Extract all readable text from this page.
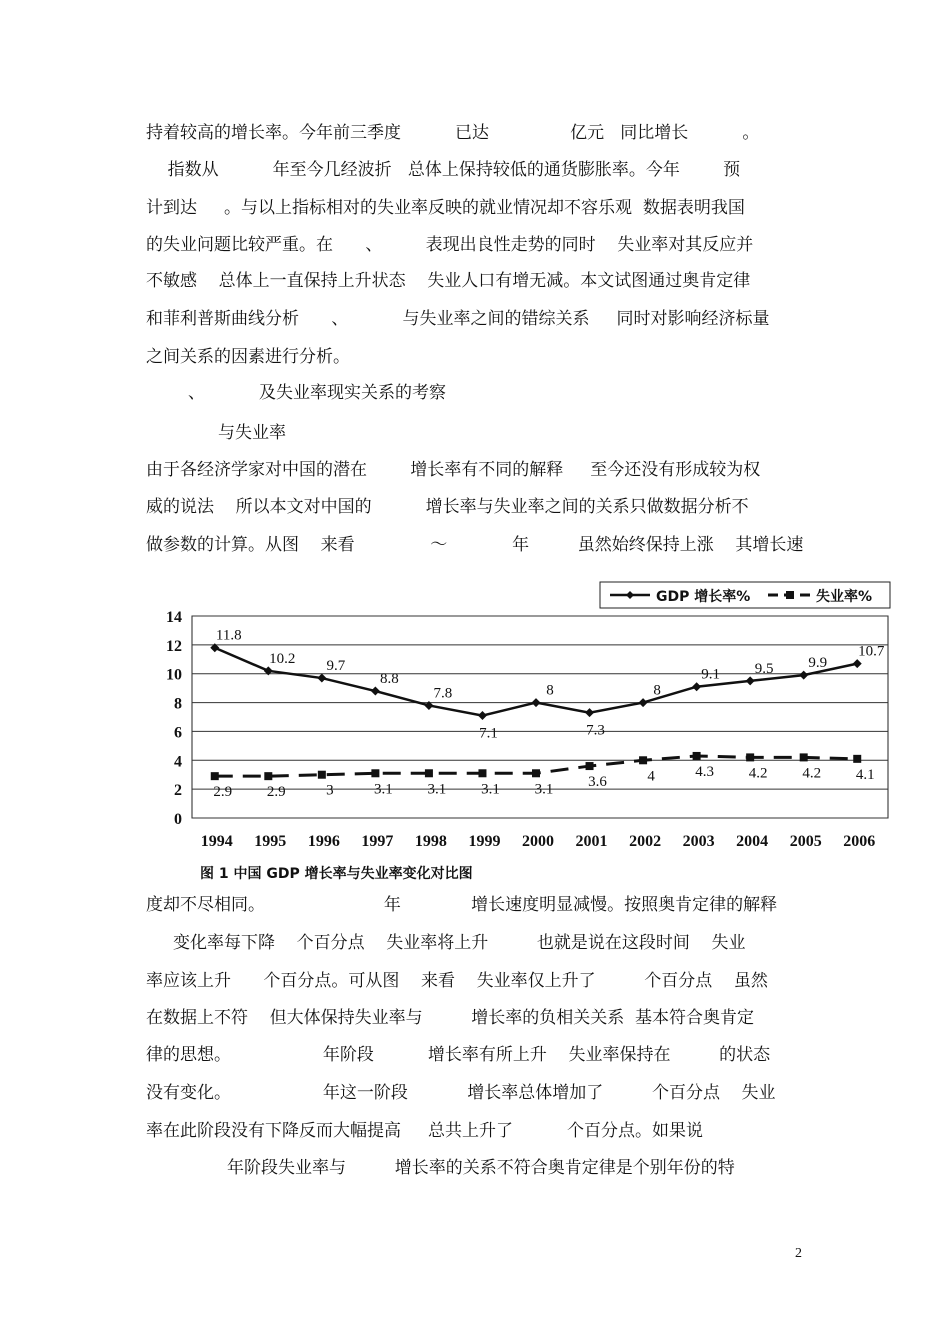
持着较高的增长率。今年前三季度          已达               亿元   同比增长          。
指数从          年至今几经波折   总体上保持较低的通货膨胀率。今年        预
计到达     。与以上指标相对的失业率反映的就业情况却不容乐观  数据表明我国
的失业问题比较严重。在      、        表现出良性走势的同时    失业率对其反应并
不敏感    总体上一直保持上升状态    失业人口有增无减。本文试图通过奥肯定律
和菲利普斯曲线分析      、          与失业率之间的错综关系     同时对影响经济标量
之间关系的因素进行分析。
、          及失业率现实关系的考察
与失业率
由于各经济学家对中国的潜在        增长率有不同的解释     至今还没有形成较为权
威的说法    所以本文对中国的          增长率与失业率之间的关系只做数据分析不
做参数的计算。从图    来看              ～            年         虽然始终保持上涨    其增长速
0
2
4
6
8
10
12
14
1994 1995 1996 1997 1998 1999 2000 2001 2002 2003 2004 2005 2006
11.8
10.2 9.7
8.8
7.8
7.1
8
7.3
8
9.1 9.5 9.9
10.7
2.9 2.9	3	3.1 3.1 3.1 3.1 3.6	4	4.3 4.2 4.2 4.1
GDP 增长率%	失业率%
图 1 中国 GDP 增长率与失业率变化对比图
度却不尽相同。                      年             增长速度明显减慢。按照奥肯定律的解释
变化率每下降    个百分点    失业率将上升         也就是说在这段时间    失业
率应该上升      个百分点。可从图    来看    失业率仅上升了         个百分点    虽然
在数据上不符    但大体保持失业率与         增长率的负相关关系  基本符合奥肯定
律的思想。                 年阶段          增长率有所上升    失业率保持在         的状态
没有变化。                 年这一阶段           增长率总体增加了         个百分点    失业
率在此阶段没有下降反而大幅提高     总共上升了          个百分点。如果说
年阶段失业率与         增长率的关系不符合奥肯定律是个别年份的特
2
